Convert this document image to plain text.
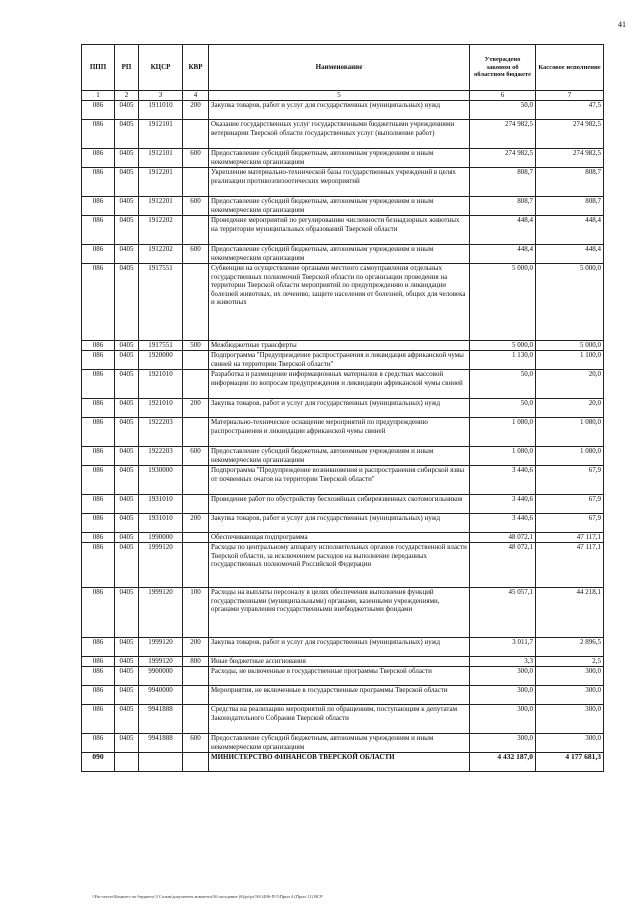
41
ППП	РП	КЦСР	КВР	Наименование	Утверждено законом об областном бюджете	Кассовое исполнение
1	2	3	4	5	6	7
086	0405	1911010	200	Закупка товаров, работ и услуг для государственных (муниципальных) нужд	50,0	47,5
086	0405	1912101		Оказание государственных услуг государственными бюджетными учреждениями ветеринарии Тверской области государственных услуг (выполнение работ)	274 982,5	274 982,5
086	0405	1912101	600	Предоставление субсидий бюджетным, автономным учреждениям и иным некоммерческим организациям	274 982,5	274 982,5
086	0405	1912201		Укрепление материально-технической базы государственных учреждений в целях реализации противоэпизоотических мероприятий	808,7	808,7
086	0405	1912201	600	Предоставление субсидий бюджетным, автономным учреждениям и иным некоммерческим организациям	808,7	808,7
086	0405	1912202		Проведение мероприятий по регулированию численности безнадзорных животных на территории муниципальных образований Тверской области	448,4	448,4
086	0405	1912202	600	Предоставление субсидий бюджетным, автономным учреждениям и иным некоммерческим организациям	448,4	448,4
086	0405	1917551		Субвенции на осуществление органами местного самоуправления отдельных государственных полномочий Тверской области по организации проведения на территории Тверской области мероприятий по предупреждению и ликвидации болезней животных, их лечению, защите населения от болезней, общих для человека и животных	5 000,0	5 000,0
086	0405	1917551	500	Межбюджетные трансферты	5 000,0	5 000,0
086	0405	1920000		Подпрограмма "Предупреждение распространения и ликвидация африканской чумы свиней на территории Тверской области"	1 130,0	1 100,0
086	0405	1921010		Разработка и размещение информационных материалов в средствах массовой информации по вопросам предупреждения и ликвидации африканской чумы свиней	50,0	20,0
086	0405	1921010	200	Закупка товаров, работ и услуг для государственных (муниципальных) нужд	50,0	20,0
086	0405	1922203		Материально-техническое оснащение мероприятий по предупреждению распространения и ликвидации африканской чумы свиней	1 080,0	1 080,0
086	0405	1922203	600	Предоставление субсидий бюджетным, автономным учреждениям и иным некоммерческим организациям	1 080,0	1 080,0
086	0405	1930000		Подпрограмма "Предупреждение возникновения и распространения сибирской язвы от почвенных очагов на территории Тверской области"	3 440,6	67,9
086	0405	1931010		Проведение работ по обустройству бесхозяйных сибиреязвенных скотомогильников	3 440,6	67,9
086	0405	1931010	200	Закупка товаров, работ и услуг для государственных (муниципальных) нужд	3 440,6	67,9
086	0405	1990000		Обеспечивающая подпрограмма	48 072,1	47 117,1
086	0405	1999120		Расходы по центральному аппарату исполнительных органов государственной власти Тверской области, за исключением расходов на выполнение переданных государственных полномочий Российской Федерации	48 072,1	47 117,1
086	0405	1999120	100	Расходы на выплаты персоналу в целях обеспечения выполнения функций государственными (муниципальными) органами, казенными учреждениями, органами управления государственными внебюджетными фондами	45 057,1	44 218,1
086	0405	1999120	200	Закупка товаров, работ и услуг для государственных (муниципальных) нужд	3 011,7	2 896,5
086	0405	1999120	800	Иные бюджетные ассигнования	3,3	2,5
086	0405	9900000		Расходы, не включенные в государственные программы Тверской области	300,0	300,0
086	0405	9940000		Мероприятия, не включенные в государственные программы Тверской области	300,0	300,0
086	0405	9941888		Средства на реализацию мероприятий по обращениям, поступающим к депутатам Законодательного Собрания Тверской области	300,0	300,0
086	0405	9941888	600	Предоставление субсидий бюджетным, автономным учреждениям и иным некоммерческим организациям	300,0	300,0
090				МИНИСТЕРСТВО ФИНАНСОВ ТВЕРСКОЙ ОБЛАСТИ	4 432 187,0	4 177 681,3
\\Fin-server\Комитет по бюджету\3 Созыв\документы комитета\36 заседание (6)\pr\pr\56\1496-П-5\Прил 4 (Прил 11) ВСР
